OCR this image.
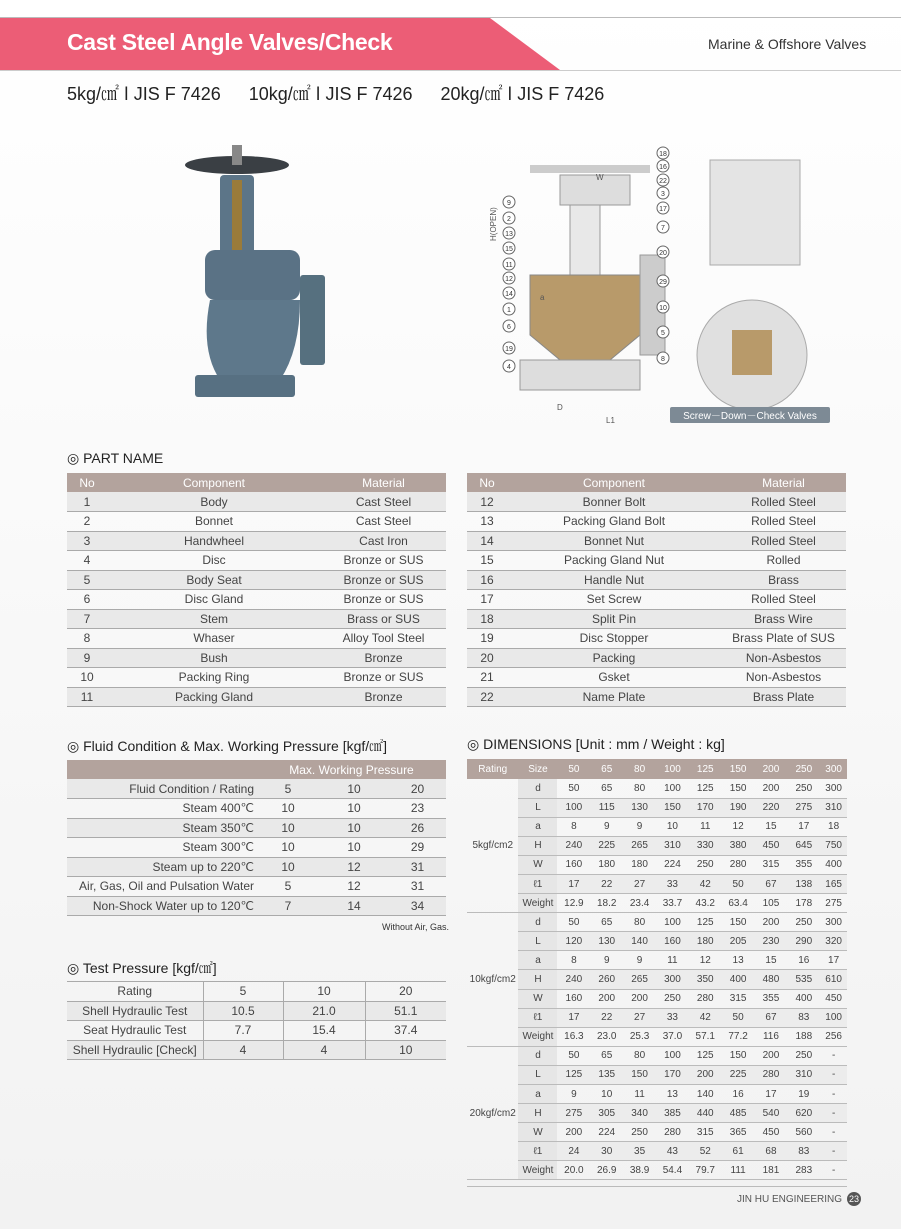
Cast Steel Angle Valves/Check	Marine & Offshore Valves
5kg/㎠ ǀ JIS F 7426 10kg/㎠ ǀ JIS F 7426 20kg/㎠ ǀ JIS F 7426
H(OPEN)
W
D
L1
a
18
16
22
3
17
7
20
29
10
5
8
9
2
13
15
11
12
14
1
6
19
4
Screw－Down－Check Valves
◎ PART NAME
No	Component	Material
1	Body	Cast Steel
2	Bonnet	Cast Steel
3	Handwheel	Cast Iron
4	Disc	Bronze or SUS
5	Body Seat	Bronze or SUS
6	Disc Gland	Bronze or SUS
7	Stem	Brass or SUS
8	Whaser	Alloy Tool Steel
9	Bush	Bronze
10	Packing Ring	Bronze or SUS
11	Packing Gland	Bronze
No	Component	Material
12	Bonner Bolt	Rolled Steel
13	Packing Gland Bolt	Rolled Steel
14	Bonnet Nut	Rolled Steel
15	Packing Gland Nut	Rolled
16	Handle Nut	Brass
17	Set Screw	Rolled Steel
18	Split Pin	Brass Wire
19	Disc Stopper	Brass Plate of SUS
20	Packing	Non-Asbestos
21	Gsket	Non-Asbestos
22	Name Plate	Brass Plate
◎ Fluid Condition & Max. Working Pressure [kgf/㎠]
	Max. Working Pressure		
Fluid Condition / Rating	5	10	20
Steam 400℃	10	10	23
Steam 350℃	10	10	26
Steam 300℃	10	10	29
Steam up to 220℃	10	12	31
Air, Gas, Oil and Pulsation Water	5	12	31
Non-Shock Water up to 120℃	7	14	34
Without Air, Gas.
◎ Test Pressure [kgf/㎠]
Rating	5	10	20
Shell Hydraulic Test	10.5	21.0	51.1
Seat Hydraulic Test	7.7	15.4	37.4
Shell Hydraulic [Check]	4	4	10
◎ DIMENSIONS [Unit : mm / Weight : kg]
Rating	Size	50	65	80	100	125	150	200	250	300
5kgf/cm2	d	50	65	80	100	125	150	200	250	300
	L	100	115	130	150	170	190	220	275	310
	a	8	9	9	10	11	12	15	17	18
	H	240	225	265	310	330	380	450	645	750
	W	160	180	180	224	250	280	315	355	400
	ℓ1	17	22	27	33	42	50	67	138	165
	Weight	12.9	18.2	23.4	33.7	43.2	63.4	105	178	275
10kgf/cm2	d	50	65	80	100	125	150	200	250	300
	L	120	130	140	160	180	205	230	290	320
	a	8	9	9	11	12	13	15	16	17
	H	240	260	265	300	350	400	480	535	610
	W	160	200	200	250	280	315	355	400	450
	ℓ1	17	22	27	33	42	50	67	83	100
	Weight	16.3	23.0	25.3	37.0	57.1	77.2	116	188	256
20kgf/cm2	d	50	65	80	100	125	150	200	250	-
	L	125	135	150	170	200	225	280	310	-
	a	9	10	11	13	140	16	17	19	-
	H	275	305	340	385	440	485	540	620	-
	W	200	224	250	280	315	365	450	560	-
	ℓ1	24	30	35	43	52	61	68	83	-
	Weight	20.0	26.9	38.9	54.4	79.7	111	181	283	-
JIN HU ENGINEERING 23
